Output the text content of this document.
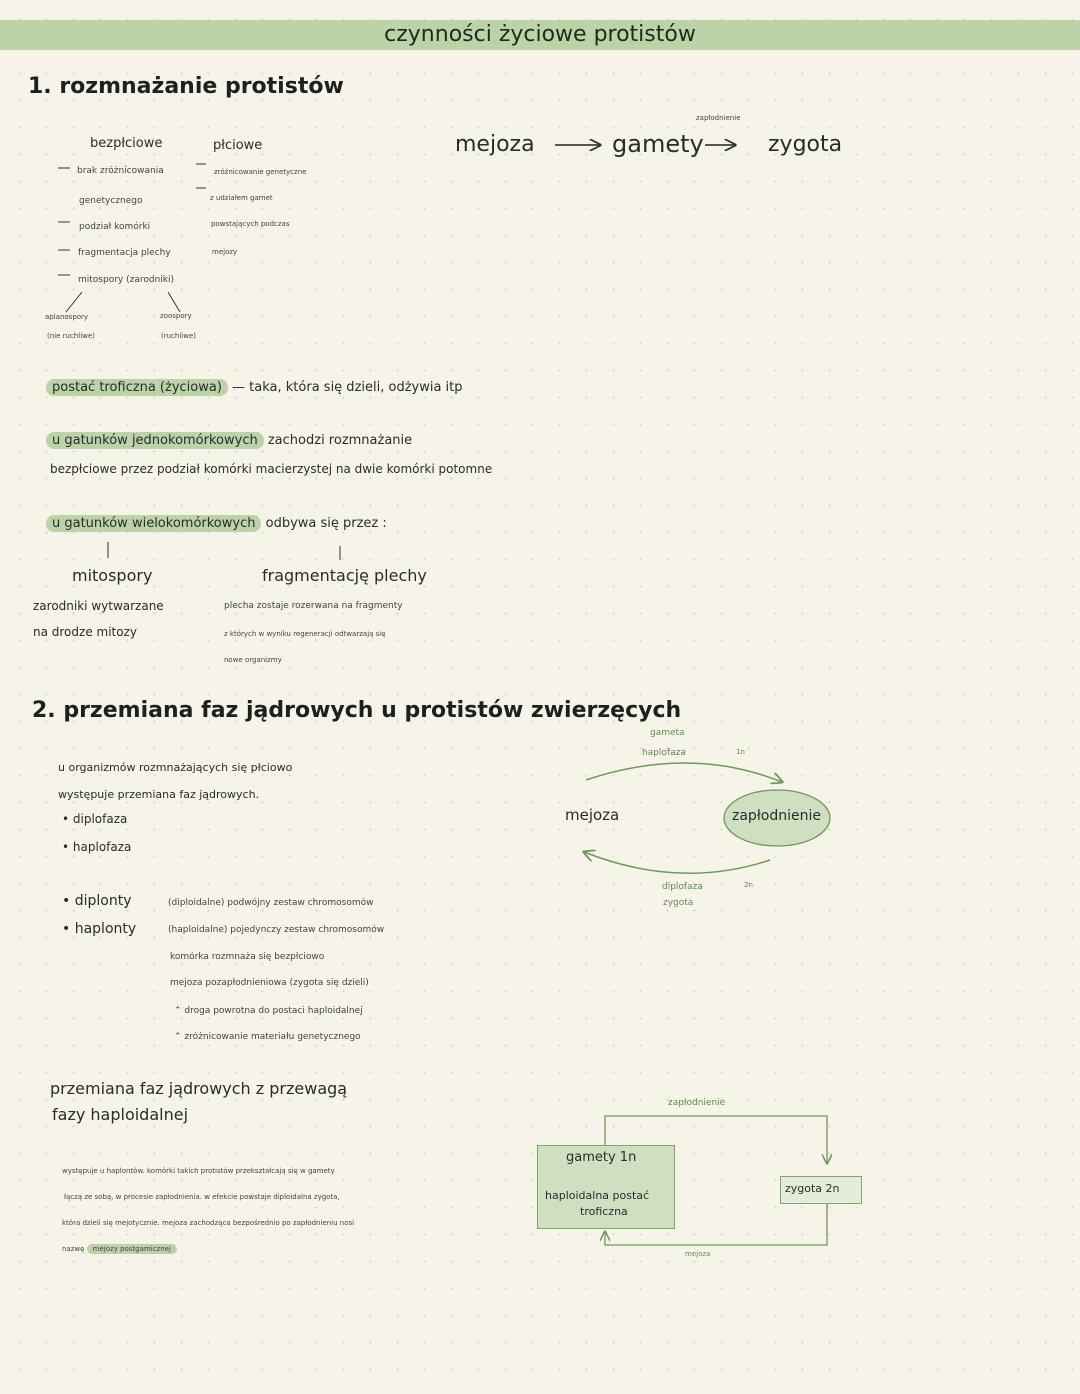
czynności życiowe protistów
1. rozmnażanie protistów
bezpłciowe
brak zróżnicowania
genetycznego
podział komórki
fragmentacja plechy
mitospory (zarodniki)
aplanospory
(nie ruchliwe)
zoospory
(ruchliwe)
płciowe
zróżnicowanie genetyczne
z udziałem gamet
powstających podczas
mejozy
mejoza	gamety
zapłodnienie
zygota
postać troficzna (życiowa) — taka, która się dzieli, odżywia itp
u gatunków jednokomórkowych zachodzi rozmnażanie
bezpłciowe przez podział komórki macierzystej na dwie komórki potomne
u gatunków wielokomórkowych odbywa się przez :
mitospory
zarodniki wytwarzane
na drodze mitozy
fragmentację plechy
plecha zostaje rozerwana na fragmenty
z których w wyniku regeneracji odtwarzają się
nowe organizmy
2. przemiana faz jądrowych u protistów zwierzęcych
u organizmów rozmnażających się płciowo
występuje przemiana faz jądrowych.
• diplofaza
• haplofaza
• diplonty
• haplonty
(diploidalne) podwójny zestaw chromosomów
(haploidalne) pojedynczy zestaw chromosomów
komórka rozmnaża się bezpłciowo
mejoza pozapłodnieniowa (zygota się dzieli)
⌃ droga powrotna do postaci haploidalnej
⌃ zróżnicowanie materiału genetycznego
gameta
haplofaza	1n
mejoza	zapłodnienie
diplofaza
zygota
2n
przemiana faz jądrowych z przewagą
fazy haploidalnej
występuje u haplontów. komórki takich protistów przekształcają się w gamety
łączą ze sobą, w procesie zapłodnienia. w efekcie powstaje diploidalna zygota,
która dzieli się mejotycznie. mejoza zachodząca bezpośrednio po zapłodnieniu nosi
nazwę mejozy postgamicznej
zapłodnienie
gamety 1n
haploidalna postać
troficzna
zygota 2n
mejoza
